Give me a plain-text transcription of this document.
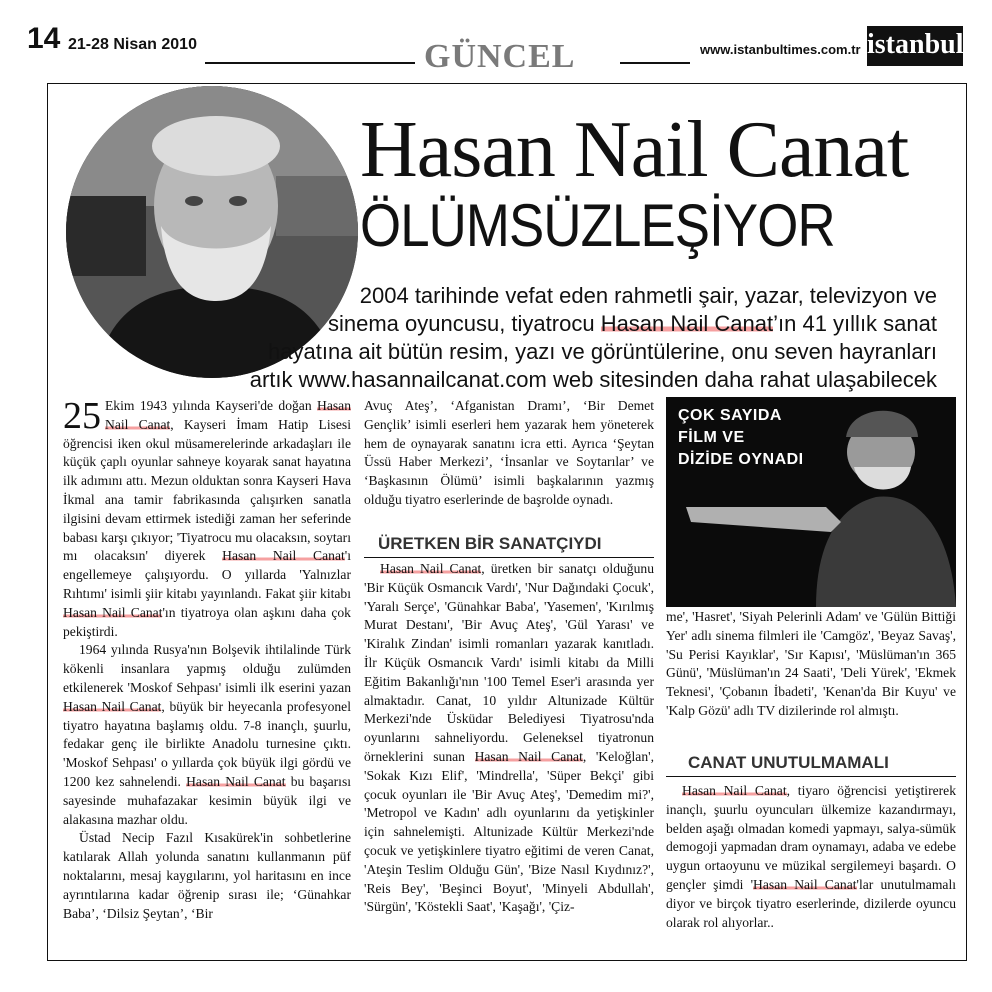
14 21-28 Nisan 2010	GÜNCEL	www.istanbultimes.com.tr istanbul
Hasan Nail Canat
ÖLÜMSÜZLEŞİYOR
2004 tarihinde vefat eden rahmetli şair, yazar, televizyon ve
sinema oyuncusu, tiyatrocu Hasan Nail Canat’ın 41 yıllık sanat
hayatına ait bütün resim, yazı ve görüntülerine, onu seven hayranları
artık www.hasannailcanat.com web sitesinden daha rahat ulaşabilecek

25 Ekim 1943 yılında Kayseri'de doğan Hasan Nail Canat, Kayseri İmam Hatip Lisesi öğrencisi iken okul müsamerelerinde arkadaşları ile küçük çaplı oyunlar sahneye koyarak sanat hayatına ilk adımını attı. Mezun olduktan sonra Kayseri Hava İkmal ana tamir fabrikasında çalışırken sanatla ilgisini devam ettirmek istediği zaman her seferinde babası karşı çıkıyor; 'Tiyatrocu mu olacaksın, soytarı mı olacaksın' diyerek Hasan Nail Canat'ı engellemeye çalışıyordu. O yıllarda 'Yalnızlar Rıhtımı' isimli şiir kitabı yayınlandı. Fakat şiir kitabı Hasan Nail Canat'ın tiyatroya olan aşkını daha çok pekiştirdi.

1964 yılında Rusya'nın Bolşevik ihtilalinde Türk kökenli insanlara yapmış olduğu zulümden etkilenerek 'Moskof Sehpası' isimli ilk eserini yazan Hasan Nail Canat, büyük bir heyecanla profesyonel tiyatro hayatına başlamış oldu. 7-8 inançlı, şuurlu, fedakar genç ile birlikte Anadolu turnesine çıktı. 'Moskof Sehpası' o yıllarda çok büyük ilgi gördü ve 1200 kez sahnelendi. Hasan Nail Canat bu başarısı sayesinde muhafazakar kesimin büyük ilgi ve alakasına mazhar oldu.

Üstad Necip Fazıl Kısakürek'in sohbetlerine katılarak Allah yolunda sanatını kullanmanın püf noktalarını, mesaj kaygılarını, yol haritasını en ince ayrıntılarına kadar öğrenip sırası ile; ‘Günahkar Baba’, ‘Dilsiz Şeytan’, ‘Bir

Avuç Ateş’, ‘Afganistan Dramı’, ‘Bir Demet Gençlik’ isimli eserleri hem yazarak hem yöneterek hem de oynayarak sanatını icra etti. Ayrıca ‘Şeytan Üssü Haber Merkezi’, ‘İnsanlar ve Soytarılar’ ve ‘Başkasının Ölümü’ isimli başkalarının yazmış olduğu tiyatro eserlerinde de başrolde oynadı.

ÜRETKEN BİR SANATÇIYDI

Hasan Nail Canat, üretken bir sanatçı olduğunu 'Bir Küçük Osmancık Vardı', 'Nur Dağındaki Çocuk', 'Yaralı Serçe', 'Günahkar Baba', 'Yasemen', 'Kırılmış Murat Destanı', 'Bir Avuç Ateş', 'Gül Yarası' ve 'Kiralık Zindan' isimli romanları yazarak kanıtladı. İlr Küçük Osmancık Vardı' isimli kitabı da Milli Eğitim Bakanlığı'nın '100 Temel Eser'i arasında yer almaktadır. Canat, 10 yıldır Altunizade Kültür Merkezi'nde Üsküdar Belediyesi Tiyatrosu'nda oyunlarını sahneliyordu. Geleneksel tiyatronun örneklerini sunan Hasan Nail Canat, 'Keloğlan', 'Sokak Kızı Elif', 'Mindrella', 'Süper Bekçi' gibi çocuk oyunları ile 'Bir Avuç Ateş', 'Demedim mi?', 'Metropol ve Kadın' adlı oyunlarını da yetişkinler için sahnelemişti. Altunizade Kültür Merkezi'nde çocuk ve yetişkinlere tiyatro eğitimi de veren Canat, 'Ateşin Teslim Olduğu Gün', 'Bize Nasıl Kıydınız?', 'Reis Bey', 'Beşinci Boyut', 'Minyeli Abdullah', 'Sürgün', 'Köstekli Saat', 'Kaşağı', 'Çiz-

ÇOK SAYIDA
FİLM VE
DİZİDE OYNADI

me', 'Hasret', 'Siyah Pelerinli Adam' ve 'Gülün Bittiği Yer' adlı sinema filmleri ile 'Camgöz', 'Beyaz Savaş', 'Su Perisi Kayıklar', 'Sır Kapısı', 'Müslüman'ın 365 Günü', 'Müslüman'ın 24 Saati', 'Deli Yürek', 'Ekmek Teknesi', 'Çobanın İbadeti', 'Kenan'da Bir Kuyu' ve 'Kalp Gözü' adlı TV dizilerinde rol almıştı.

CANAT UNUTULMAMALI

Hasan Nail Canat, tiyaro öğrencisi yetiştirerek inançlı, şuurlu oyuncuları ülkemize kazandırmayı, belden aşağı olmadan komedi yapmayı, salya-sümük demogoji yapmadan dram oynamayı, adaba ve edebe uygun ortaoyunu ve müzikal sergilemeyi başardı. O gençler şimdi 'Hasan Nail Canat'lar unutulmamalı diyor ve birçok tiyatro eserlerinde, dizilerde oyuncu olarak rol alıyorlar..
